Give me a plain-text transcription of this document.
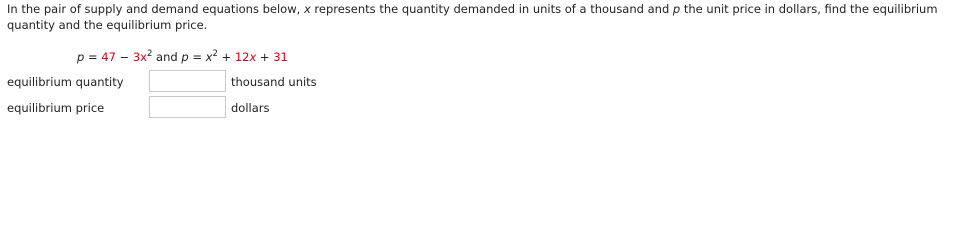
In the pair of supply and demand equations below, x represents the quantity demanded in units of a thousand and p the unit price in dollars, find the equilibrium quantity and the equilibrium price.
$p = 47 - 3x^2$ and $p = x^2 + 12x + 31$
equilibrium quantity	thousand units
equilibrium price	dollars
